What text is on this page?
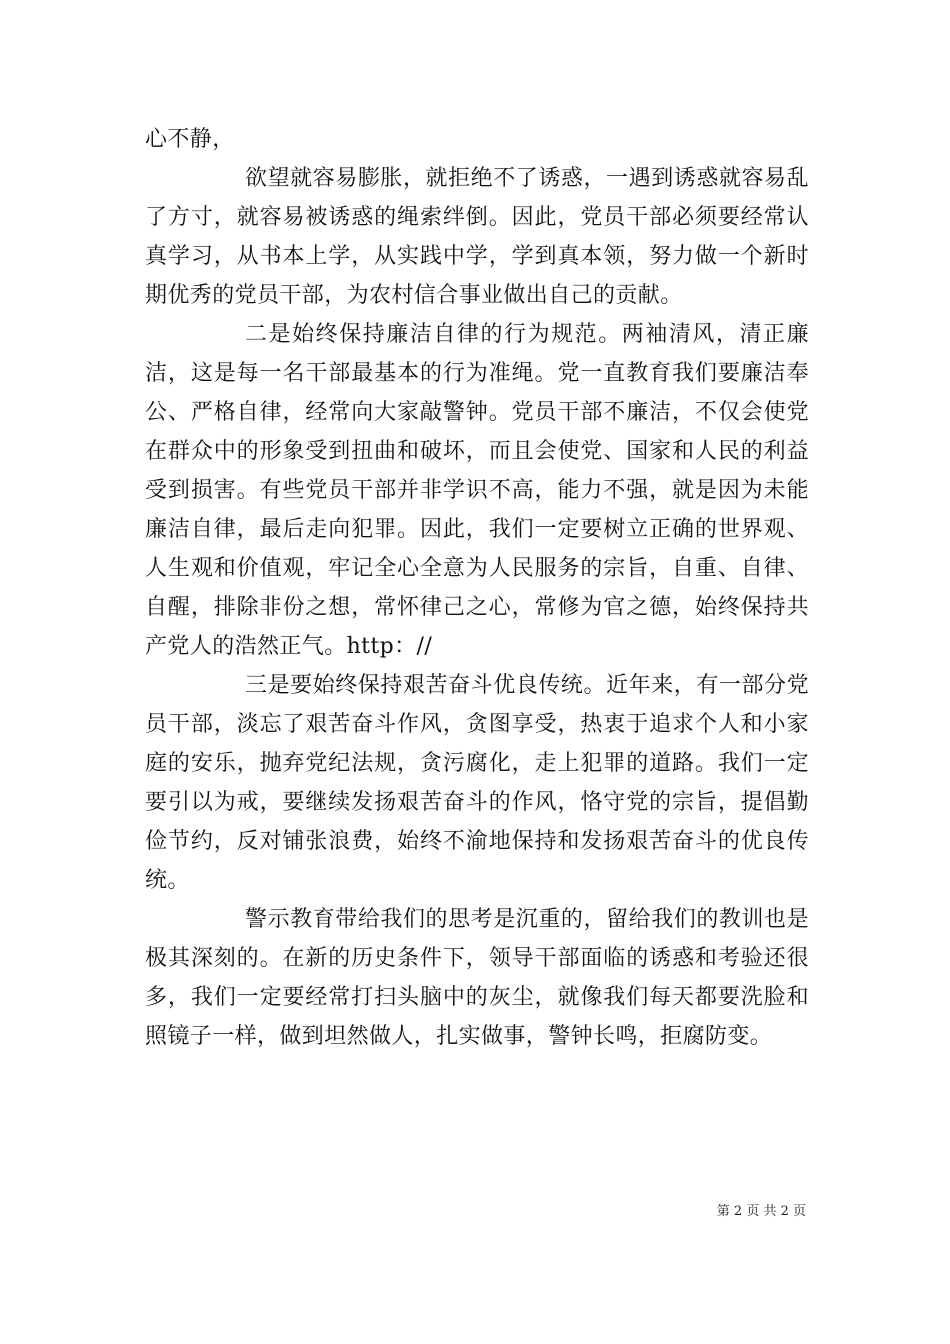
心不静，

欲望就容易膨胀，就拒绝不了诱惑，一遇到诱惑就容易乱了方寸，就容易被诱惑的绳索绊倒。因此，党员干部必须要经常认真学习，从书本上学，从实践中学，学到真本领，努力做一个新时期优秀的党员干部，为农村信合事业做出自己的贡献。

二是始终保持廉洁自律的行为规范。两袖清风，清正廉洁，这是每一名干部最基本的行为准绳。党一直教育我们要廉洁奉公、严格自律，经常向大家敲警钟。党员干部不廉洁，不仅会使党在群众中的形象受到扭曲和破坏，而且会使党、国家和人民的利益受到损害。有些党员干部并非学识不高，能力不强，就是因为未能廉洁自律，最后走向犯罪。因此，我们一定要树立正确的世界观、人生观和价值观，牢记全心全意为人民服务的宗旨，自重、自律、自醒，排除非份之想，常怀律己之心，常修为官之德，始终保持共产党人的浩然正气。http：//

三是要始终保持艰苦奋斗优良传统。近年来，有一部分党员干部，淡忘了艰苦奋斗作风，贪图享受，热衷于追求个人和小家庭的安乐，抛弃党纪法规，贪污腐化，走上犯罪的道路。我们一定要引以为戒，要继续发扬艰苦奋斗的作风，恪守党的宗旨，提倡勤俭节约，反对铺张浪费，始终不渝地保持和发扬艰苦奋斗的优良传统。

警示教育带给我们的思考是沉重的，留给我们的教训也是极其深刻的。在新的历史条件下，领导干部面临的诱惑和考验还很多，我们一定要经常打扫头脑中的灰尘，就像我们每天都要洗脸和照镜子一样，做到坦然做人，扎实做事，警钟长鸣，拒腐防变。

第 2 页 共 2 页
